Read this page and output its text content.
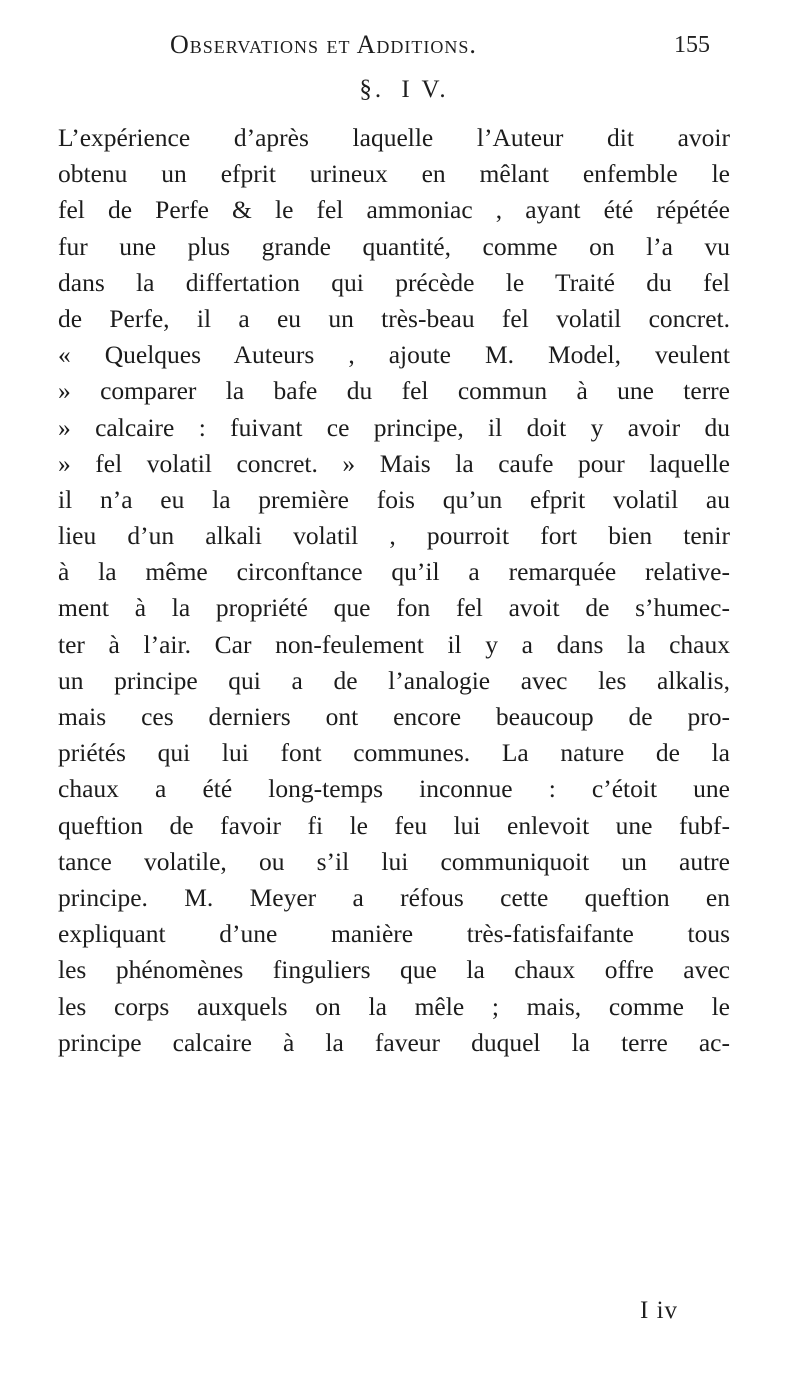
Observations et Additions.	155
§. I V.
L’expérience d’après laquelle l’Auteur dit avoir
obtenu un efprit urineux en mêlant enfemble le
fel de Perfe & le fel ammoniac , ayant été répétée
fur une plus grande quantité, comme on l’a vu
dans la differtation qui précède le Traité du fel
de Perfe, il a eu un très-beau fel volatil concret.
« Quelques Auteurs , ajoute M. Model, veulent
» comparer la bafe du fel commun à une terre
» calcaire : fuivant ce principe, il doit y avoir du
» fel volatil concret. » Mais la caufe pour laquelle
il n’a eu la première fois qu’un efprit volatil au
lieu d’un alkali volatil , pourroit fort bien tenir
à la même circonftance qu’il a remarquée relative-
ment à la propriété que fon fel avoit de s’humec-
ter à l’air. Car non-feulement il y a dans la chaux
un principe qui a de l’analogie avec les alkalis,
mais ces derniers ont encore beaucoup de pro-
priétés qui lui font communes. La nature de la
chaux a été long-temps inconnue : c’étoit une
queftion de favoir fi le feu lui enlevoit une fubf-
tance volatile, ou s’il lui communiquoit un autre
principe. M. Meyer a réfous cette queftion en
expliquant d’une manière très-fatisfaifante tous
les phénomènes finguliers que la chaux offre avec
les corps auxquels on la mêle ; mais, comme le
principe calcaire à la faveur duquel la terre ac-
I iv
